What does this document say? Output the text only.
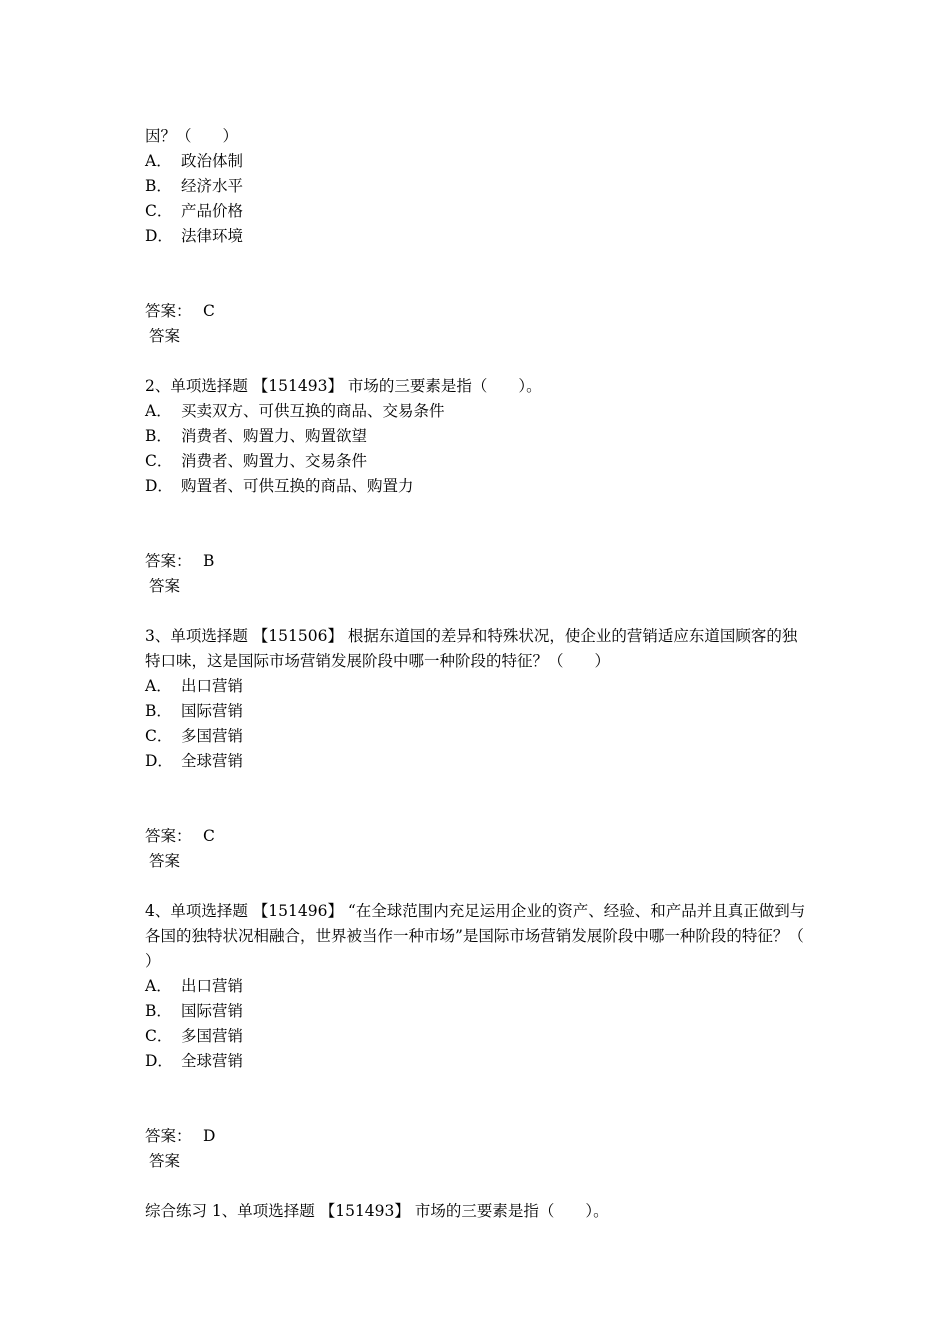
因？（　　）
A． 政治体制
B． 经济水平
C． 产品价格
D． 法律环境
答案： C
答案
2、单项选择题 【151493】 市场的三要素是指（　　）。
A． 买卖双方、可供互换的商品、交易条件
B． 消费者、购置力、购置欲望
C． 消费者、购置力、交易条件
D． 购置者、可供互换的商品、购置力
答案： B
答案
3、单项选择题 【151506】 根据东道国的差异和特殊状况，使企业的营销适应东道国顾客的独特口味，这是国际市场营销发展阶段中哪一种阶段的特征？（　　）
A． 出口营销
B． 国际营销
C． 多国营销
D． 全球营销
答案： C
答案
4、单项选择题 【151496】 “在全球范围内充足运用企业的资产、经验、和产品并且真正做到与各国的独特状况相融合，世界被当作一种市场”是国际市场营销发展阶段中哪一种阶段的特征？（　　）
A． 出口营销
B． 国际营销
C． 多国营销
D． 全球营销
答案： D
答案
综合练习 1、单项选择题 【151493】 市场的三要素是指（　　）。
